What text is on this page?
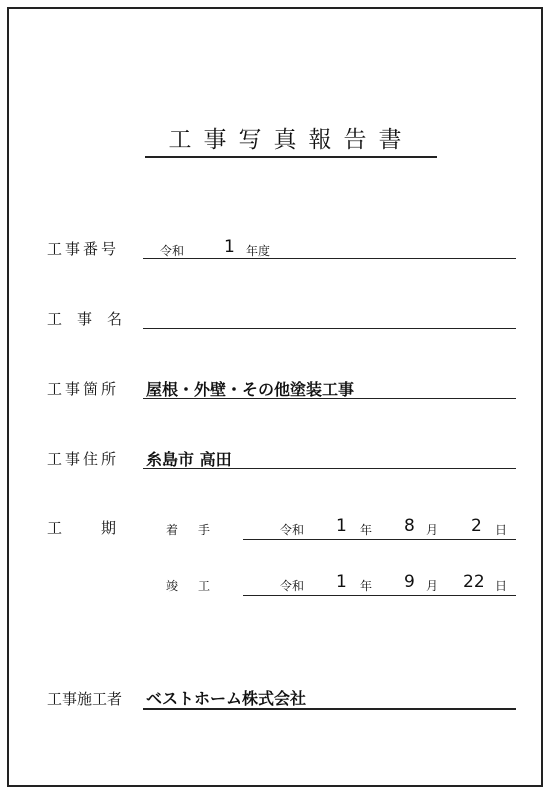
工事写真報告書
工事番号	令和 1 年度
工　事　名
工事箇所 屋根・外壁・その他塗装工事
工事住所 糸島市 高田
工　　期	着　手	令和 1 年 8 月 2 日
竣　工	令和 1 年 9 月 22 日
工事施工者 ベストホーム株式会社
